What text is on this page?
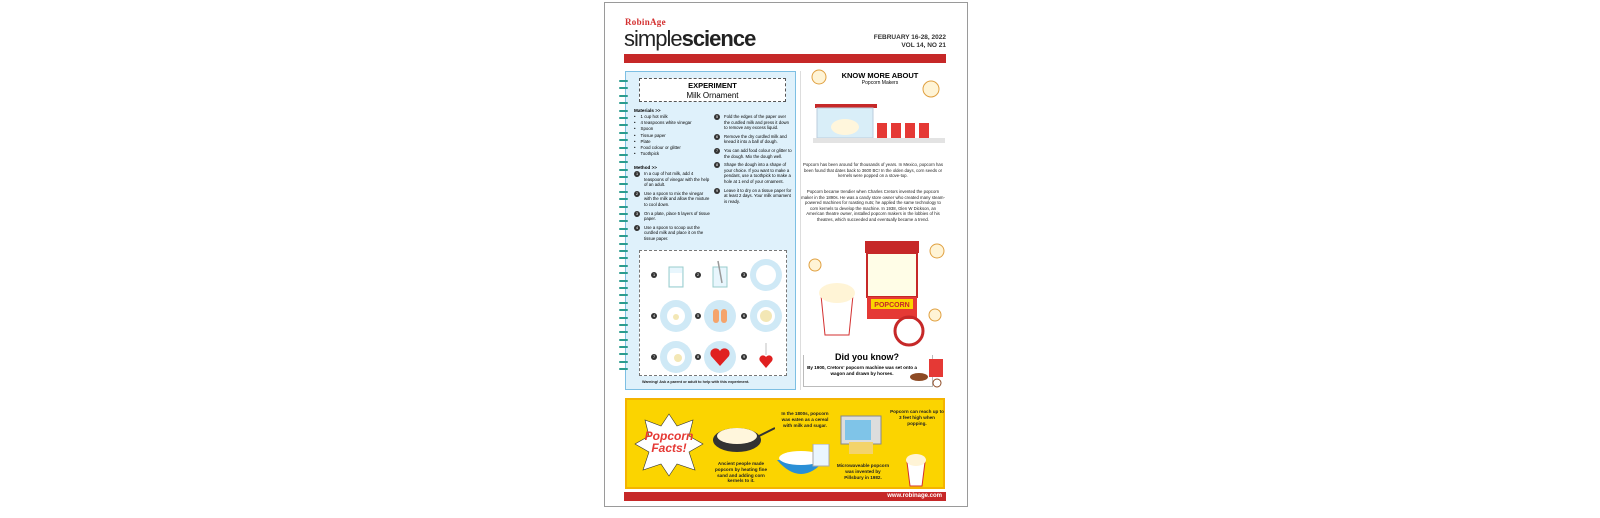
RobinAge
simplescience	FEBRUARY 16-28, 2022
VOL 14, NO 21
EXPERIMENT
Milk Ornament
Materials >>
• 1 cup hot milk
• 4 teaspoons white vinegar
• Spoon
• Tissue paper
• Plate
• Food colour or glitter
• Toothpick
Method >>
1	In a cup of hot milk, add 4 teaspoons of vinegar with the help of an adult.
2	Use a spoon to mix the vinegar with the milk and allow the mixture to cool down.
3	On a plate, place 5 layers of tissue paper.
4	Use a spoon to scoop out the curdled milk and place it on the tissue paper.
5	Fold the edges of the paper over the curdled milk and press it down to remove any excess liquid.
6	Remove the dry curdled milk and knead it into a ball of dough.
7	You can add food colour or glitter to the dough. Mix the dough well.
8	Shape the dough into a shape of your choice. If you want to make a pendant, use a toothpick to make a hole at 1 end of your ornament.
9	Leave it to dry on a tissue paper for at least 2 days. Your milk ornament is ready.
1	2	3
4	5	6
7	8	9
Warning! Ask a parent or adult to help with this experiment.
KNOW MORE ABOUT
Popcorn Makers
Popcorn has been around for thousands of years. In Mexico, popcorn has been found that dates back to 3600 BC! In the olden days, corn seeds or kernels were popped on a stove-top.
Popcorn became trendier when Charles Cretors invented the popcorn maker in the 1890s. He was a candy store owner who created many steam-powered machines for roasting nuts; he applied the same technology to corn kernels to develop the machine. In 1938, Glen W Dickson, an American theatre owner, installed popcorn makers in the lobbies of his theatres, which succeeded and eventually became a trend.
POPCORN
Did you know?
By 1900, Cretors' popcorn machine was set onto a wagon and drawn by horses.
Popcorn
Facts!
Ancient people made popcorn by heating fine sand and adding corn kernels to it.
In the 1800s, popcorn was eaten as a cereal with milk and sugar.
Microwaveable popcorn was invented by Pillsbury in 1982.
Popcorn can reach up to 3 feet high when popping.
www.robinage.com
